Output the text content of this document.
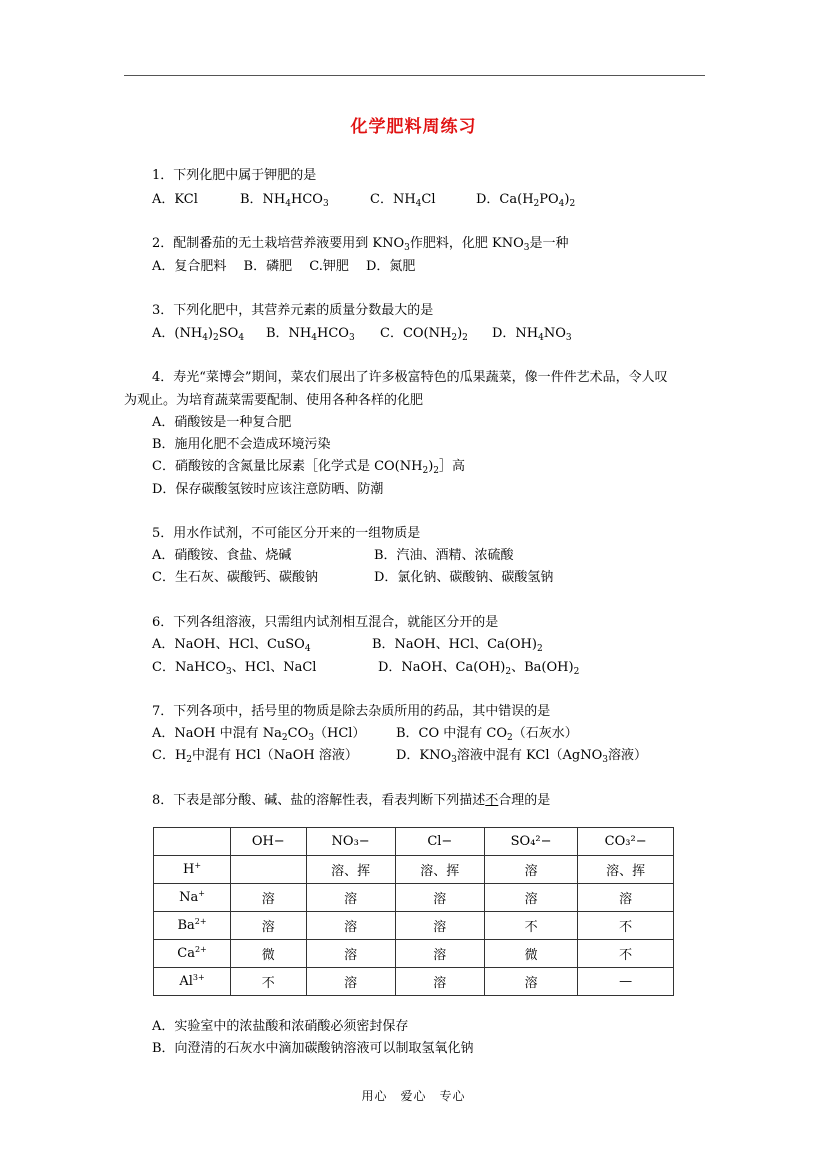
化学肥料周练习
1．下列化肥中属于钾肥的是
A．KCl	B．$NH_4HCO_3$	C．$NH_4Cl$	D．$Ca(H_2PO_4)_2$
2．配制番茄的无土栽培营养液要用到 $KNO_3$作肥料，化肥 $KNO_3$是一种
A．复合肥料　 B．磷肥　 C.钾肥　 D．氮肥
3．下列化肥中，其营养元素的质量分数最大的是
A．$(NH_4)_2SO_4$ B．$NH_4HCO_3$ C．$CO(NH_2)_2$ D．$NH_4NO_3$
4．寿光“菜博会”期间，菜农们展出了许多极富特色的瓜果蔬菜，像一件件艺术品，令人叹
为观止。为培育蔬菜需要配制、使用各种各样的化肥
A．硝酸铵是一种复合肥
B．施用化肥不会造成环境污染
C．硝酸铵的含氮量比尿素［化学式是 $CO(NH_2)_2]$高
D．保存碳酸氢铵时应该注意防晒、防潮
5．用水作试剂，不可能区分开来的一组物质是
A．硝酸铵、食盐、烧碱	B．汽油、酒精、浓硫酸
C．生石灰、碳酸钙、碳酸钠	D．氯化钠、碳酸钠、碳酸氢钠
6．下列各组溶液，只需组内试剂相互混合，就能区分开的是
A．NaOH、HCl、CuSO$_4$	B．NaOH、HCl、$Ca(OH)_2$
C．NaHCO$_3$、HCl、NaCl	D．NaOH、$Ca(OH)_2$、$Ba(OH)_2$
7．下列各项中，括号里的物质是除去杂质所用的药品，其中错误的是
A．NaOH 中混有 $Na_2CO_3(HCl)$ B．CO 中混有 $CO_2$（石灰水）
C．$H_2$中混有 HCl（NaOH 溶液）	D．$KNO_3$溶液中混有 KCl（AgNO$_3$溶液）
8．下表是部分酸、碱、盐的溶解性表，看表判断下列描述不合理的是
	OH−	NO₃−	Cl−	SO₄²−	CO₃²−
H+		溶、挥	溶、挥	溶	溶、挥
Na+	溶	溶	溶	溶	溶
$Ba^{2+}$	溶	溶	溶	不	不
$Ca^{2+}$	微	溶	溶	微	不
$Al^{3+}$	不	溶	溶	溶	—
A．实验室中的浓盐酸和浓硝酸必须密封保存
B．向澄清的石灰水中滴加碳酸钠溶液可以制取氢氧化钠
用心　爱心　专心
